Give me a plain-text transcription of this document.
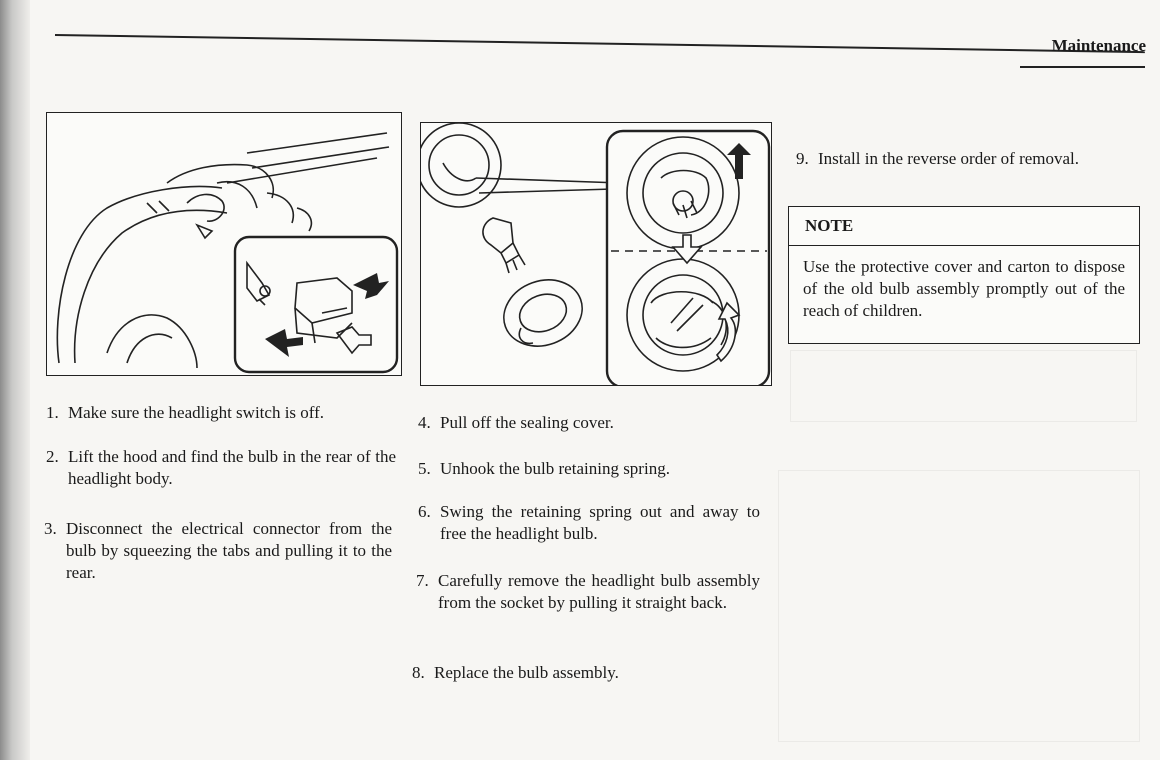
Maintenance
1. Make sure the headlight switch is off.
2. Lift the hood and find the bulb in the rear of the headlight body.
3. Disconnect the electrical connector from the bulb by squeezing the tabs and pulling it to the rear.
4. Pull off the sealing cover.
5. Unhook the bulb retaining spring.
6. Swing the retaining spring out and away to free the headlight bulb.
7. Carefully remove the headlight bulb assembly from the socket by pulling it straight back.
8. Replace the bulb assembly.
9. Install in the reverse order of removal.
NOTE
Use the protective cover and carton to dispose of the old bulb assembly promptly out of the reach of children.
